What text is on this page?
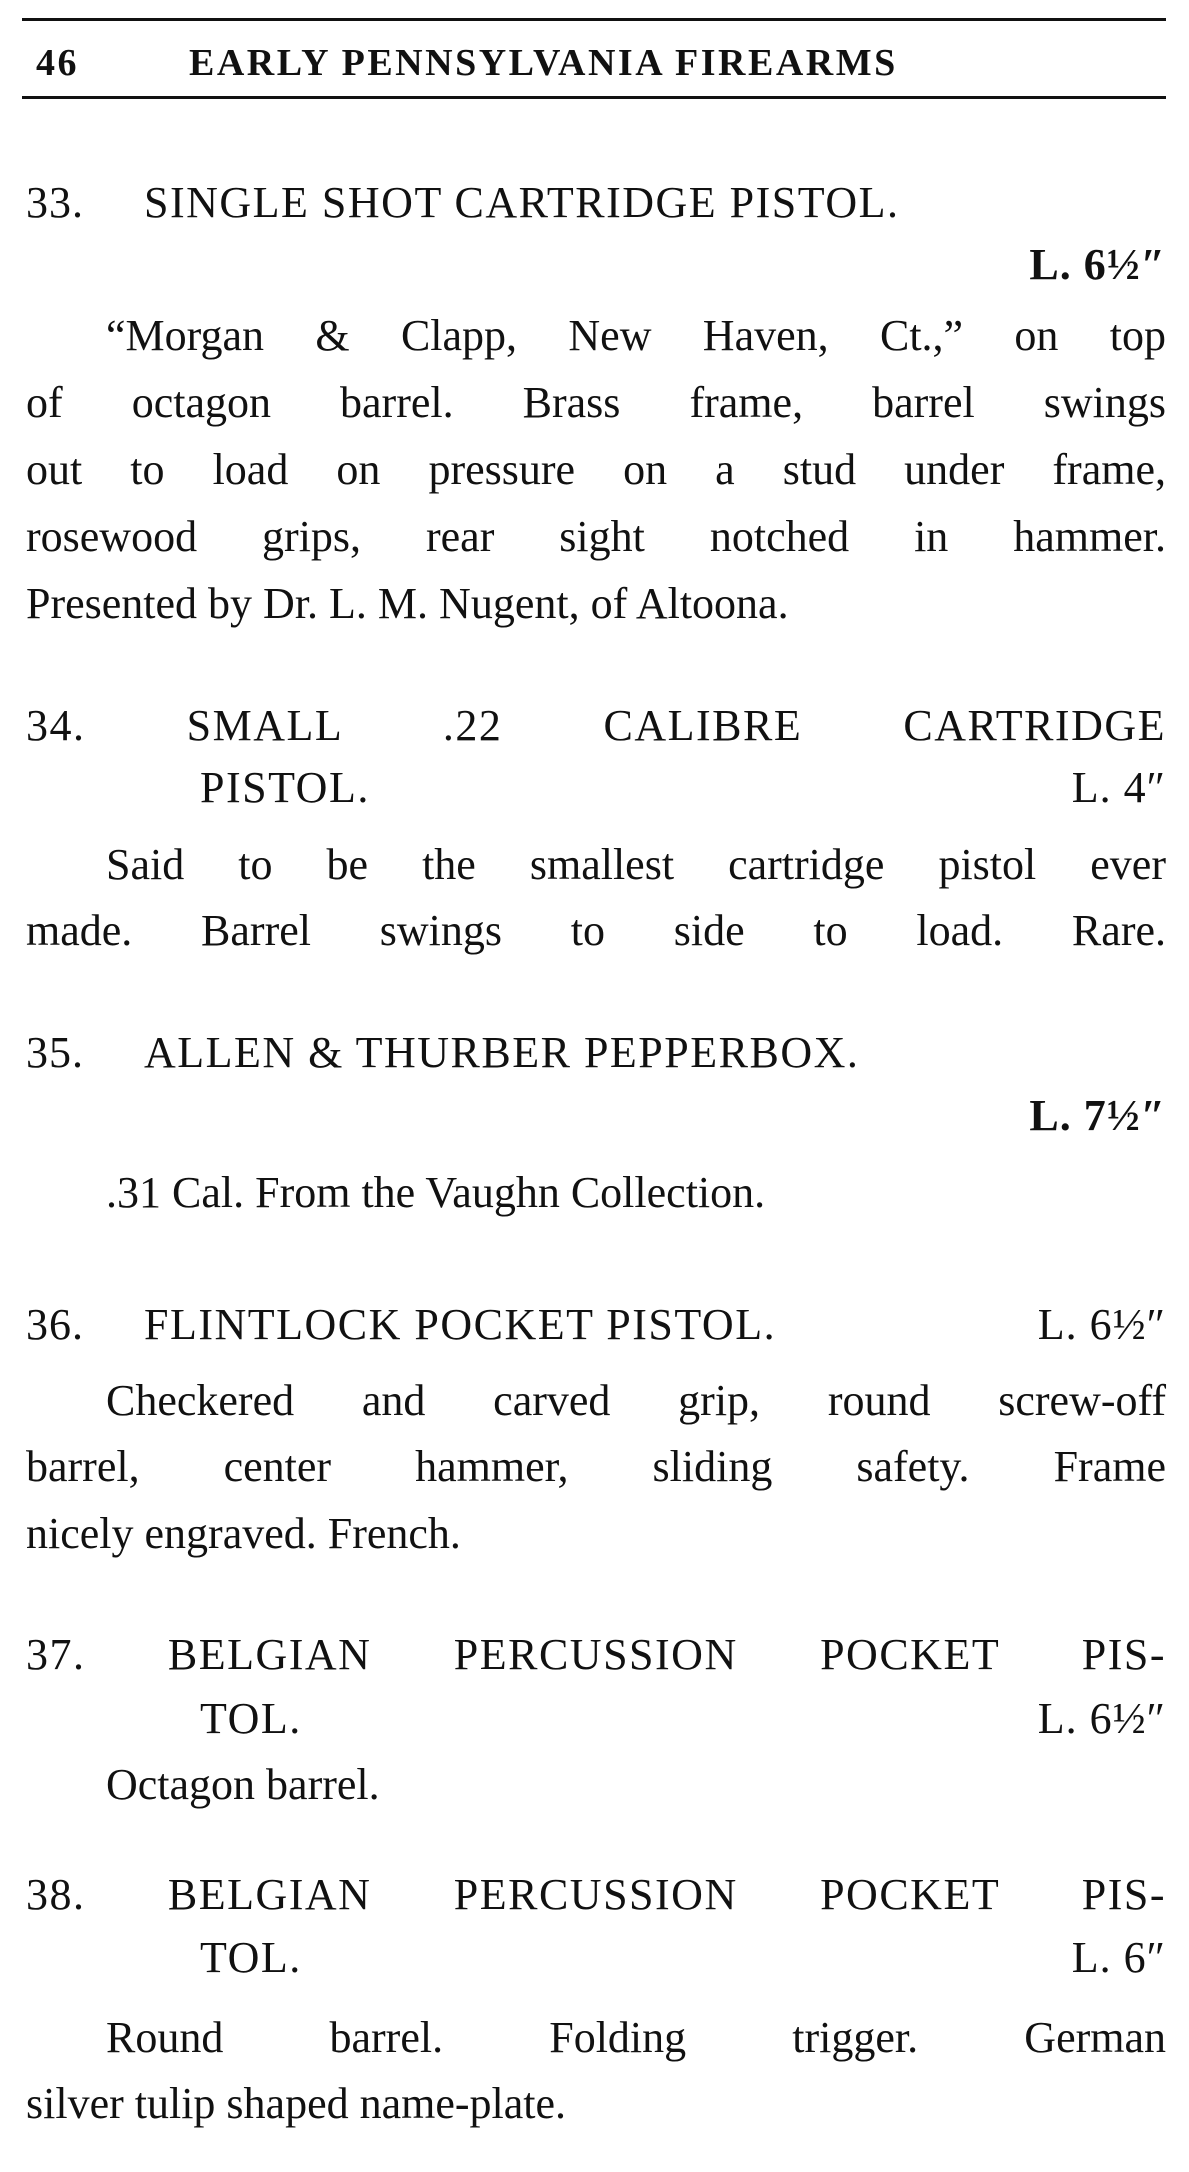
46	EARLY PENNSYLVANIA FIREARMS
33. SINGLE SHOT CARTRIDGE PISTOL.
L. 6½″
“Morgan & Clapp, New Haven, Ct.,” on top
of octagon barrel. Brass frame, barrel swings
out to load on pressure on a stud under frame,
rosewood grips, rear sight notched in hammer.
Presented by Dr. L. M. Nugent, of Altoona.
34. SMALL .22 CALIBRE CARTRIDGE
PISTOL.	L. 4″
Said to be the smallest cartridge pistol ever
made. Barrel swings to side to load. Rare.
35. ALLEN & THURBER PEPPERBOX.
L. 7½″
.31 Cal. From the Vaughn Collection.
36. FLINTLOCK POCKET PISTOL.	L. 6½″
Checkered and carved grip, round screw-off
barrel, center hammer, sliding safety. Frame
nicely engraved. French.
37. BELGIAN PERCUSSION POCKET PIS-
TOL.	L. 6½″
Octagon barrel.
38. BELGIAN PERCUSSION POCKET PIS-
TOL.	L. 6″
Round barrel. Folding trigger. German
silver tulip shaped name-plate.
